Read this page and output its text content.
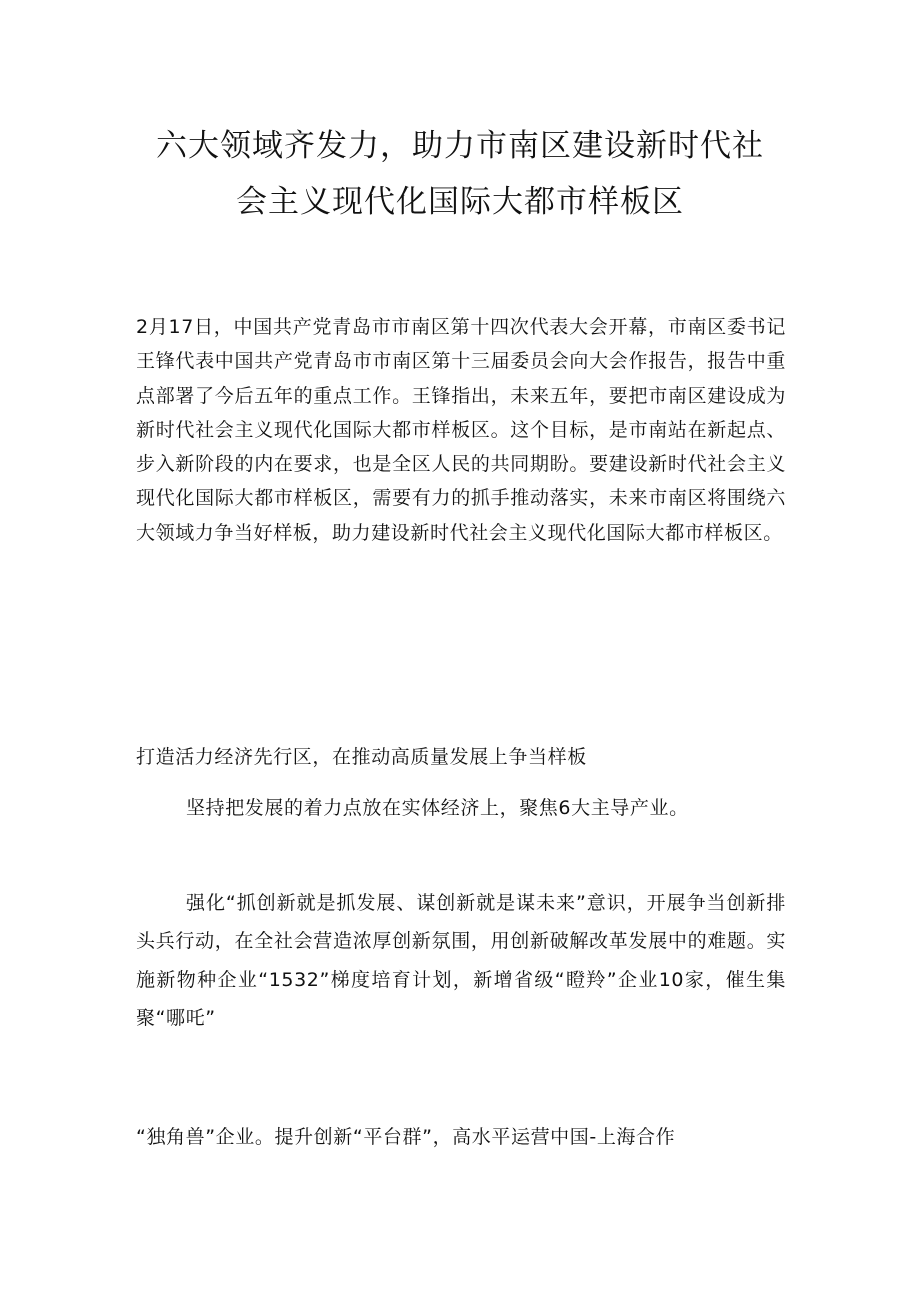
六大领域齐发力，助力市南区建设新时代社
会主义现代化国际大都市样板区

2月17日，中国共产党青岛市市南区第十四次代表大会开幕，市南区委书记王锋代表中国共产党青岛市市南区第十三届委员会向大会作报告，报告中重点部署了今后五年的重点工作。王锋指出，未来五年，要把市南区建设成为新时代社会主义现代化国际大都市样板区。这个目标，是市南站在新起点、步入新阶段的内在要求，也是全区人民的共同期盼。要建设新时代社会主义现代化国际大都市样板区，需要有力的抓手推动落实，未来市南区将围绕六大领域力争当好样板，助力建设新时代社会主义现代化国际大都市样板区。

打造活力经济先行区，在推动高质量发展上争当样板

坚持把发展的着力点放在实体经济上，聚焦6大主导产业。

强化“抓创新就是抓发展、谋创新就是谋未来”意识，开展争当创新排头兵行动，在全社会营造浓厚创新氛围，用创新破解改革发展中的难题。实施新物种企业“1532”梯度培育计划，新增省级“瞪羚”企业10家，催生集聚“哪吒”

“独角兽”企业。提升创新“平台群”，高水平运营中国-上海合作
